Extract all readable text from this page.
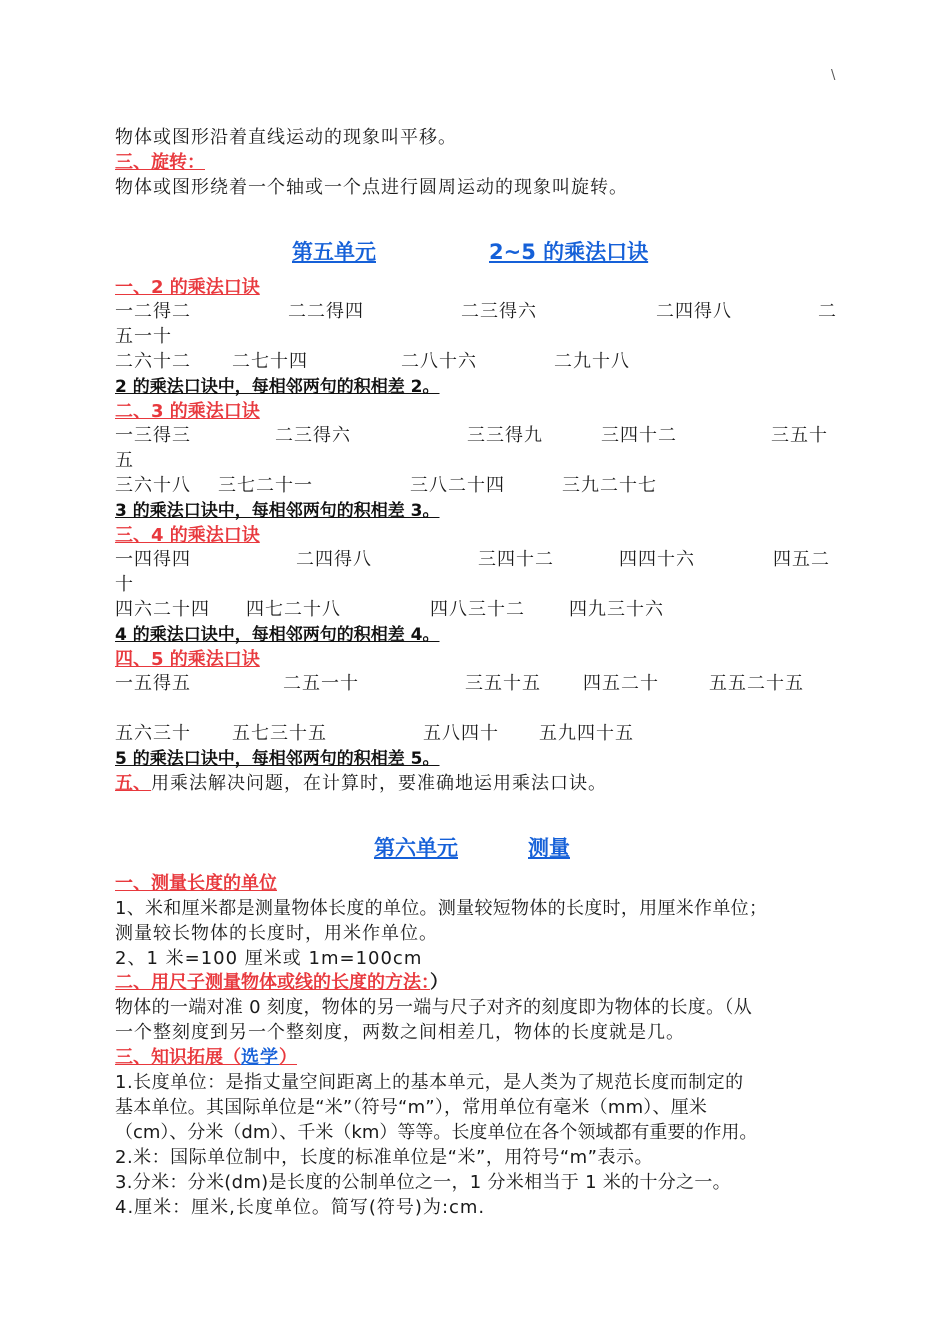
\
物体或图形沿着直线运动的现象叫平移。
三、旋转：
物体或图形绕着一个轴或一个点进行圆周运动的现象叫旋转。
第五单元	2~5 的乘法口诀
一、2 的乘法口诀
一二得二	二二得四	二三得六	二四得八	二
五一十
二六十二 二七十四	二八十六	二九十八
2 的乘法口诀中，每相邻两句的积相差 2。
二、3 的乘法口诀
一三得三	二三得六	三三得九	三四十二	三五十
五
三六十八 三七二十一	三八二十四	三九二十七
3 的乘法口诀中，每相邻两句的积相差 3。
三、4 的乘法口诀
一四得四	二四得八	三四十二	四四十六	四五二
十
四六二十四 四七二十八	四八三十二 四九三十六
4 的乘法口诀中，每相邻两句的积相差 4。
四、5 的乘法口诀
一五得五	二五一十	三五十五 四五二十	五五二十五
五六三十 五七三十五	五八四十 五九四十五
5 的乘法口诀中，每相邻两句的积相差 5。
五、用乘法解决问题，在计算时，要准确地运用乘法口诀。
第六单元	测量
一、测量长度的单位
1、米和厘米都是测量物体长度的单位。测量较短物体的长度时，用厘米作单位；
测量较长物体的长度时，用米作单位。
2、1 米=100 厘米或 1m=100cm
二、用尺子测量物体或线的长度的方法：）
物体的一端对准 0 刻度，物体的另一端与尺子对齐的刻度即为物体的长度。（从
一个整刻度到另一个整刻度，两数之间相差几，物体的长度就是几。
三、知识拓展（选学）
1.长度单位：是指丈量空间距离上的基本单元，是人类为了规范长度而制定的
基本单位。其国际单位是“米”（符号“m”），常用单位有毫米（mm）、厘米
（cm）、分米（dm）、千米（km）等等。长度单位在各个领域都有重要的作用。
2.米：国际单位制中，长度的标准单位是“米”，用符号“m”表示。
3.分米：分米(dm)是长度的公制单位之一，1 分米相当于 1 米的十分之一。
4.厘米：厘米,长度单位。简写(符号)为:cm.
